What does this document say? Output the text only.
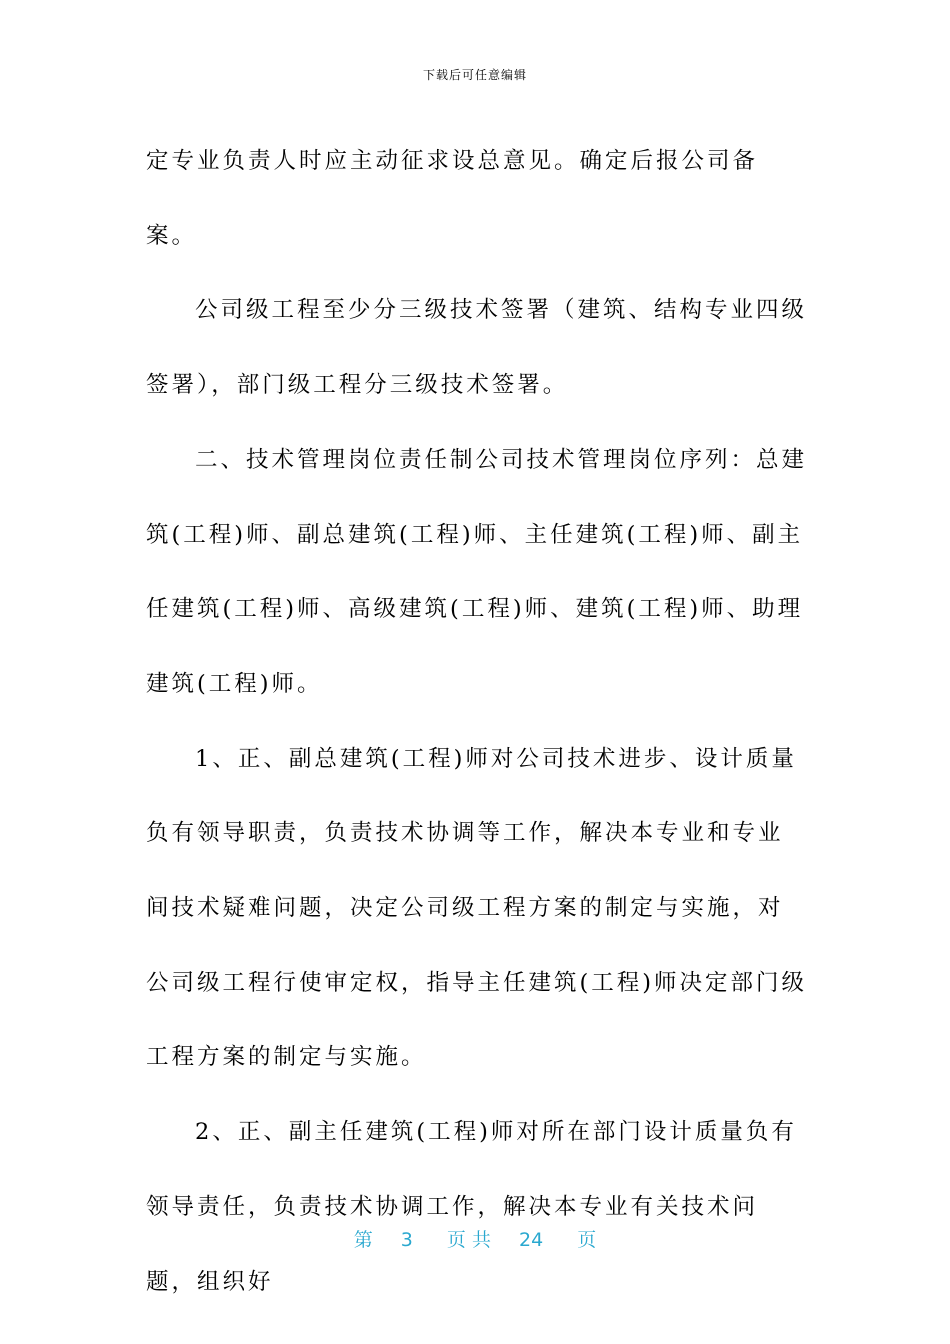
下载后可任意编辑

定专业负责人时应主动征求设总意见。确定后报公司备案。

公司级工程至少分三级技术签署（建筑、结构专业四级签署），部门级工程分三级技术签署。

二、技术管理岗位责任制公司技术管理岗位序列：总建筑(工程)师、副总建筑(工程)师、主任建筑(工程)师、副主任建筑(工程)师、高级建筑(工程)师、建筑(工程)师、助理建筑(工程)师。

1、正、副总建筑(工程)师对公司技术进步、设计质量负有领导职责，负责技术协调等工作，解决本专业和专业间技术疑难问题，决定公司级工程方案的制定与实施，对公司级工程行使审定权，指导主任建筑(工程)师决定部门级工程方案的制定与实施。

2、正、副主任建筑(工程)师对所在部门设计质量负有领导责任，负责技术协调工作，解决本专业有关技术问题，组织好

第 3 页 共 24 页
